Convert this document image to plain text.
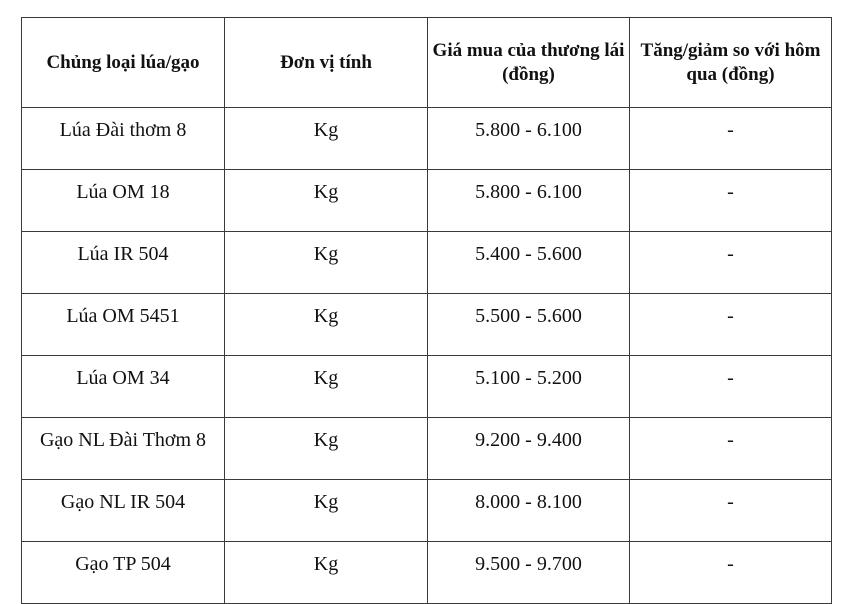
Chủng loại lúa/gạo	Đơn vị tính	Giá mua của thương lái (đồng)	Tăng/giảm so với hôm qua (đồng)
Lúa Đài thơm 8	Kg	5.800 - 6.100	-
Lúa OM 18	Kg	5.800 - 6.100	-
Lúa IR 504	Kg	5.400 - 5.600	-
Lúa OM 5451	Kg	5.500 - 5.600	-
Lúa OM 34	Kg	5.100 - 5.200	-
Gạo NL Đài Thơm 8	Kg	9.200 - 9.400	-
Gạo NL IR 504	Kg	8.000 - 8.100	-
Gạo TP 504	Kg	9.500 - 9.700	-
